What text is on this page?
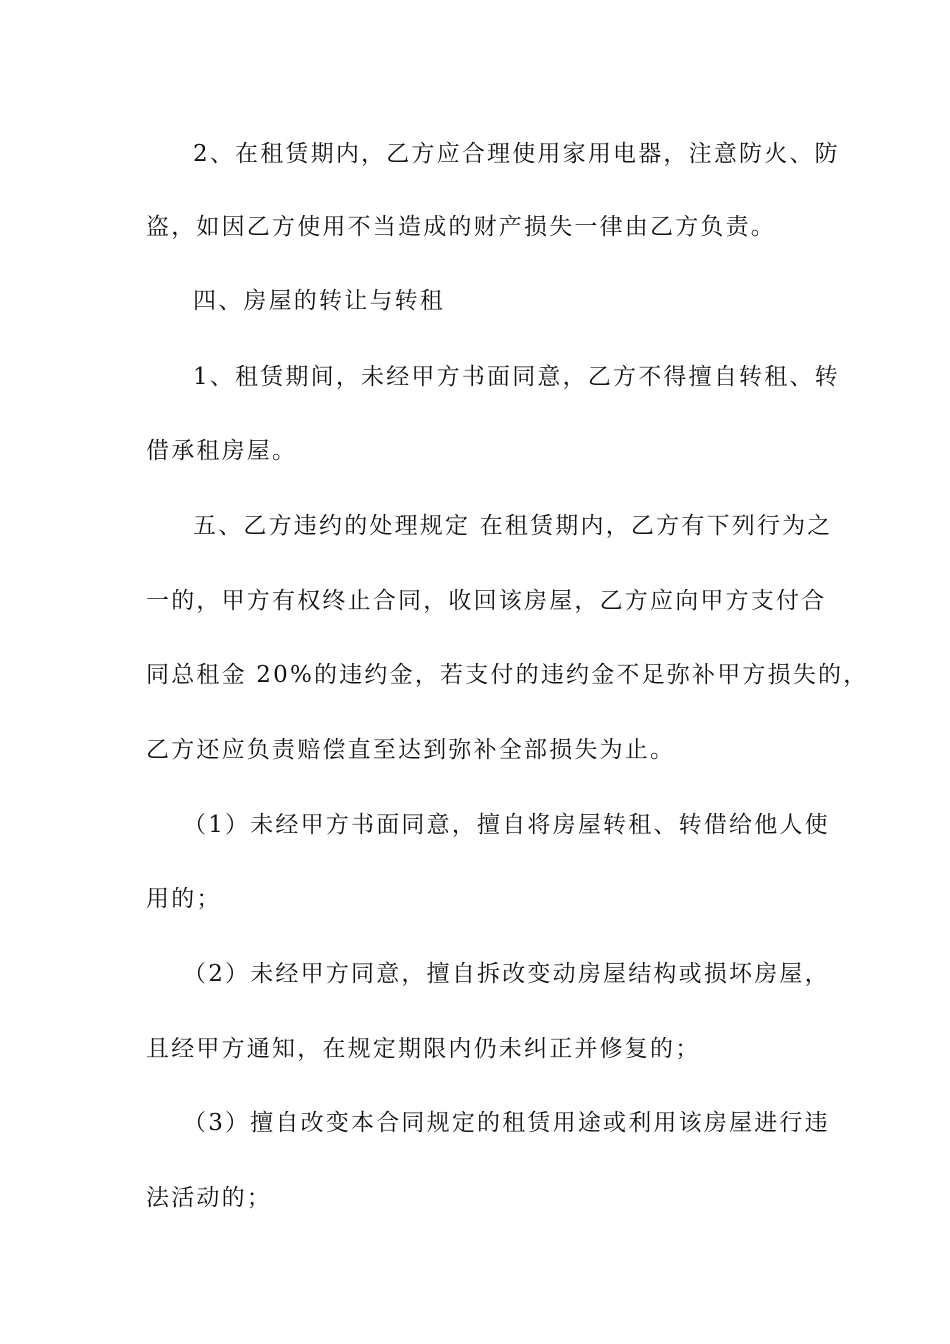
2、在租赁期内，乙方应合理使用家用电器，注意防火、防
盗，如因乙方使用不当造成的财产损失一律由乙方负责。
四、房屋的转让与转租
1、租赁期间，未经甲方书面同意，乙方不得擅自转租、转
借承租房屋。
五、乙方违约的处理规定 在租赁期内，乙方有下列行为之
一的，甲方有权终止合同，收回该房屋，乙方应向甲方支付合
同总租金 20%的违约金，若支付的违约金不足弥补甲方损失的，
乙方还应负责赔偿直至达到弥补全部损失为止。
（1）未经甲方书面同意，擅自将房屋转租、转借给他人使
用的；
（2）未经甲方同意，擅自拆改变动房屋结构或损坏房屋，
且经甲方通知，在规定期限内仍未纠正并修复的；
（3）擅自改变本合同规定的租赁用途或利用该房屋进行违
法活动的；
